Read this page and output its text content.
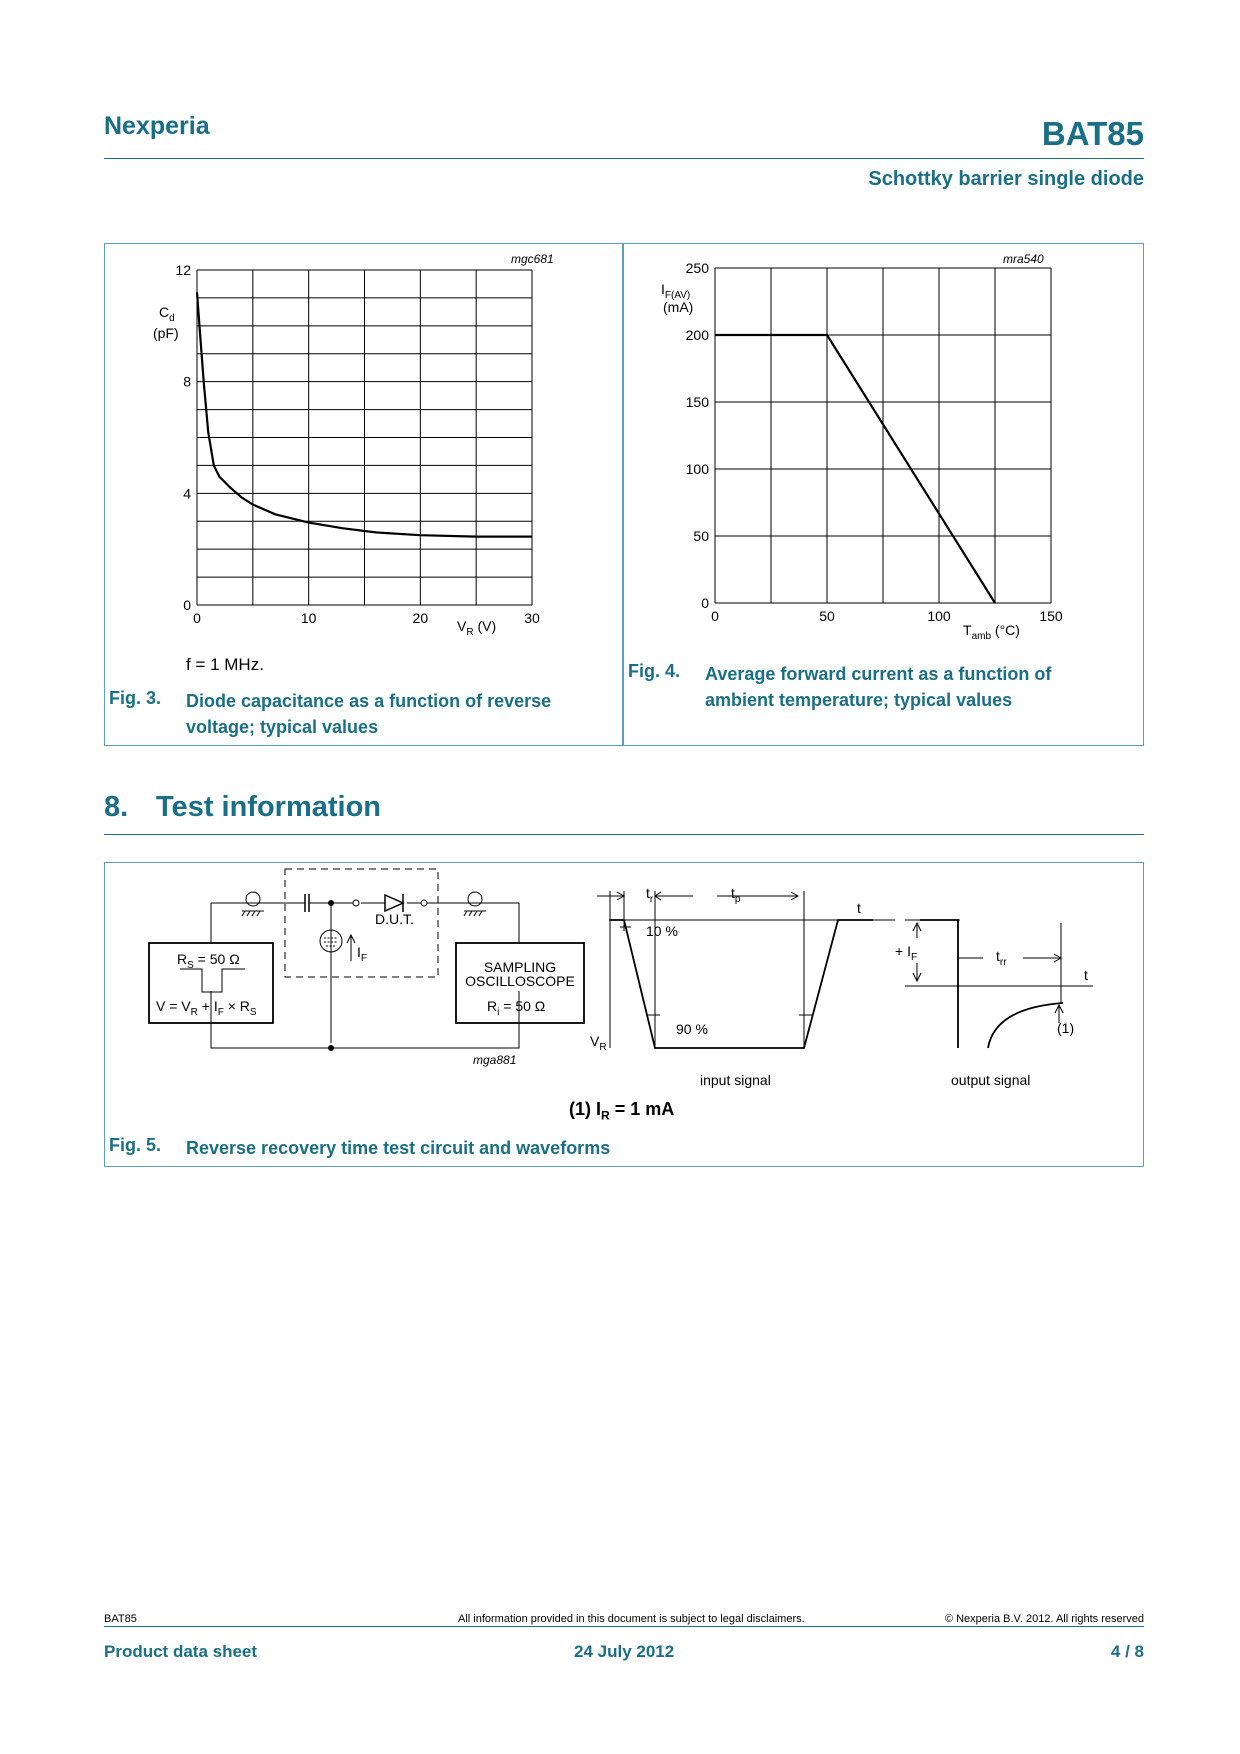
Nexperia	BAT85
Schottky barrier single diode
0	10	20	30
0
4
8
12
mgc681
$C_d$
(pF)
$V_R$ (V)
f = 1 MHz.
Fig. 3. Diode capacitance as a function of reverse
voltage; typical values
0	50	100	150
0
50
100
150
200
250
mra540
$I_{F(AV)}$
(mA)
$T_{amb}$ (°C)
Fig. 4. Average forward current as a function of
ambient temperature; typical values
8. Test information
D.U.T.
$I_F$
$R_S = 50$ Ω
$V = V_R + I_F \times R_S$
SAMPLING
OSCILLOSCOPE
$R_i = 50$ Ω
mga881
$t_r$	$t_p$
t
10 %
90 %
$V_R$
input signal
+ $I_F$	$t_{rr}$
t
(1)
output signal
(1) $I_R = 1$ mA
Fig. 5. Reverse recovery time test circuit and waveforms
BAT85	All information provided in this document is subject to legal disclaimers.	© Nexperia B.V. 2012. All rights reserved
Product data sheet	24 July 2012	4 / 8
